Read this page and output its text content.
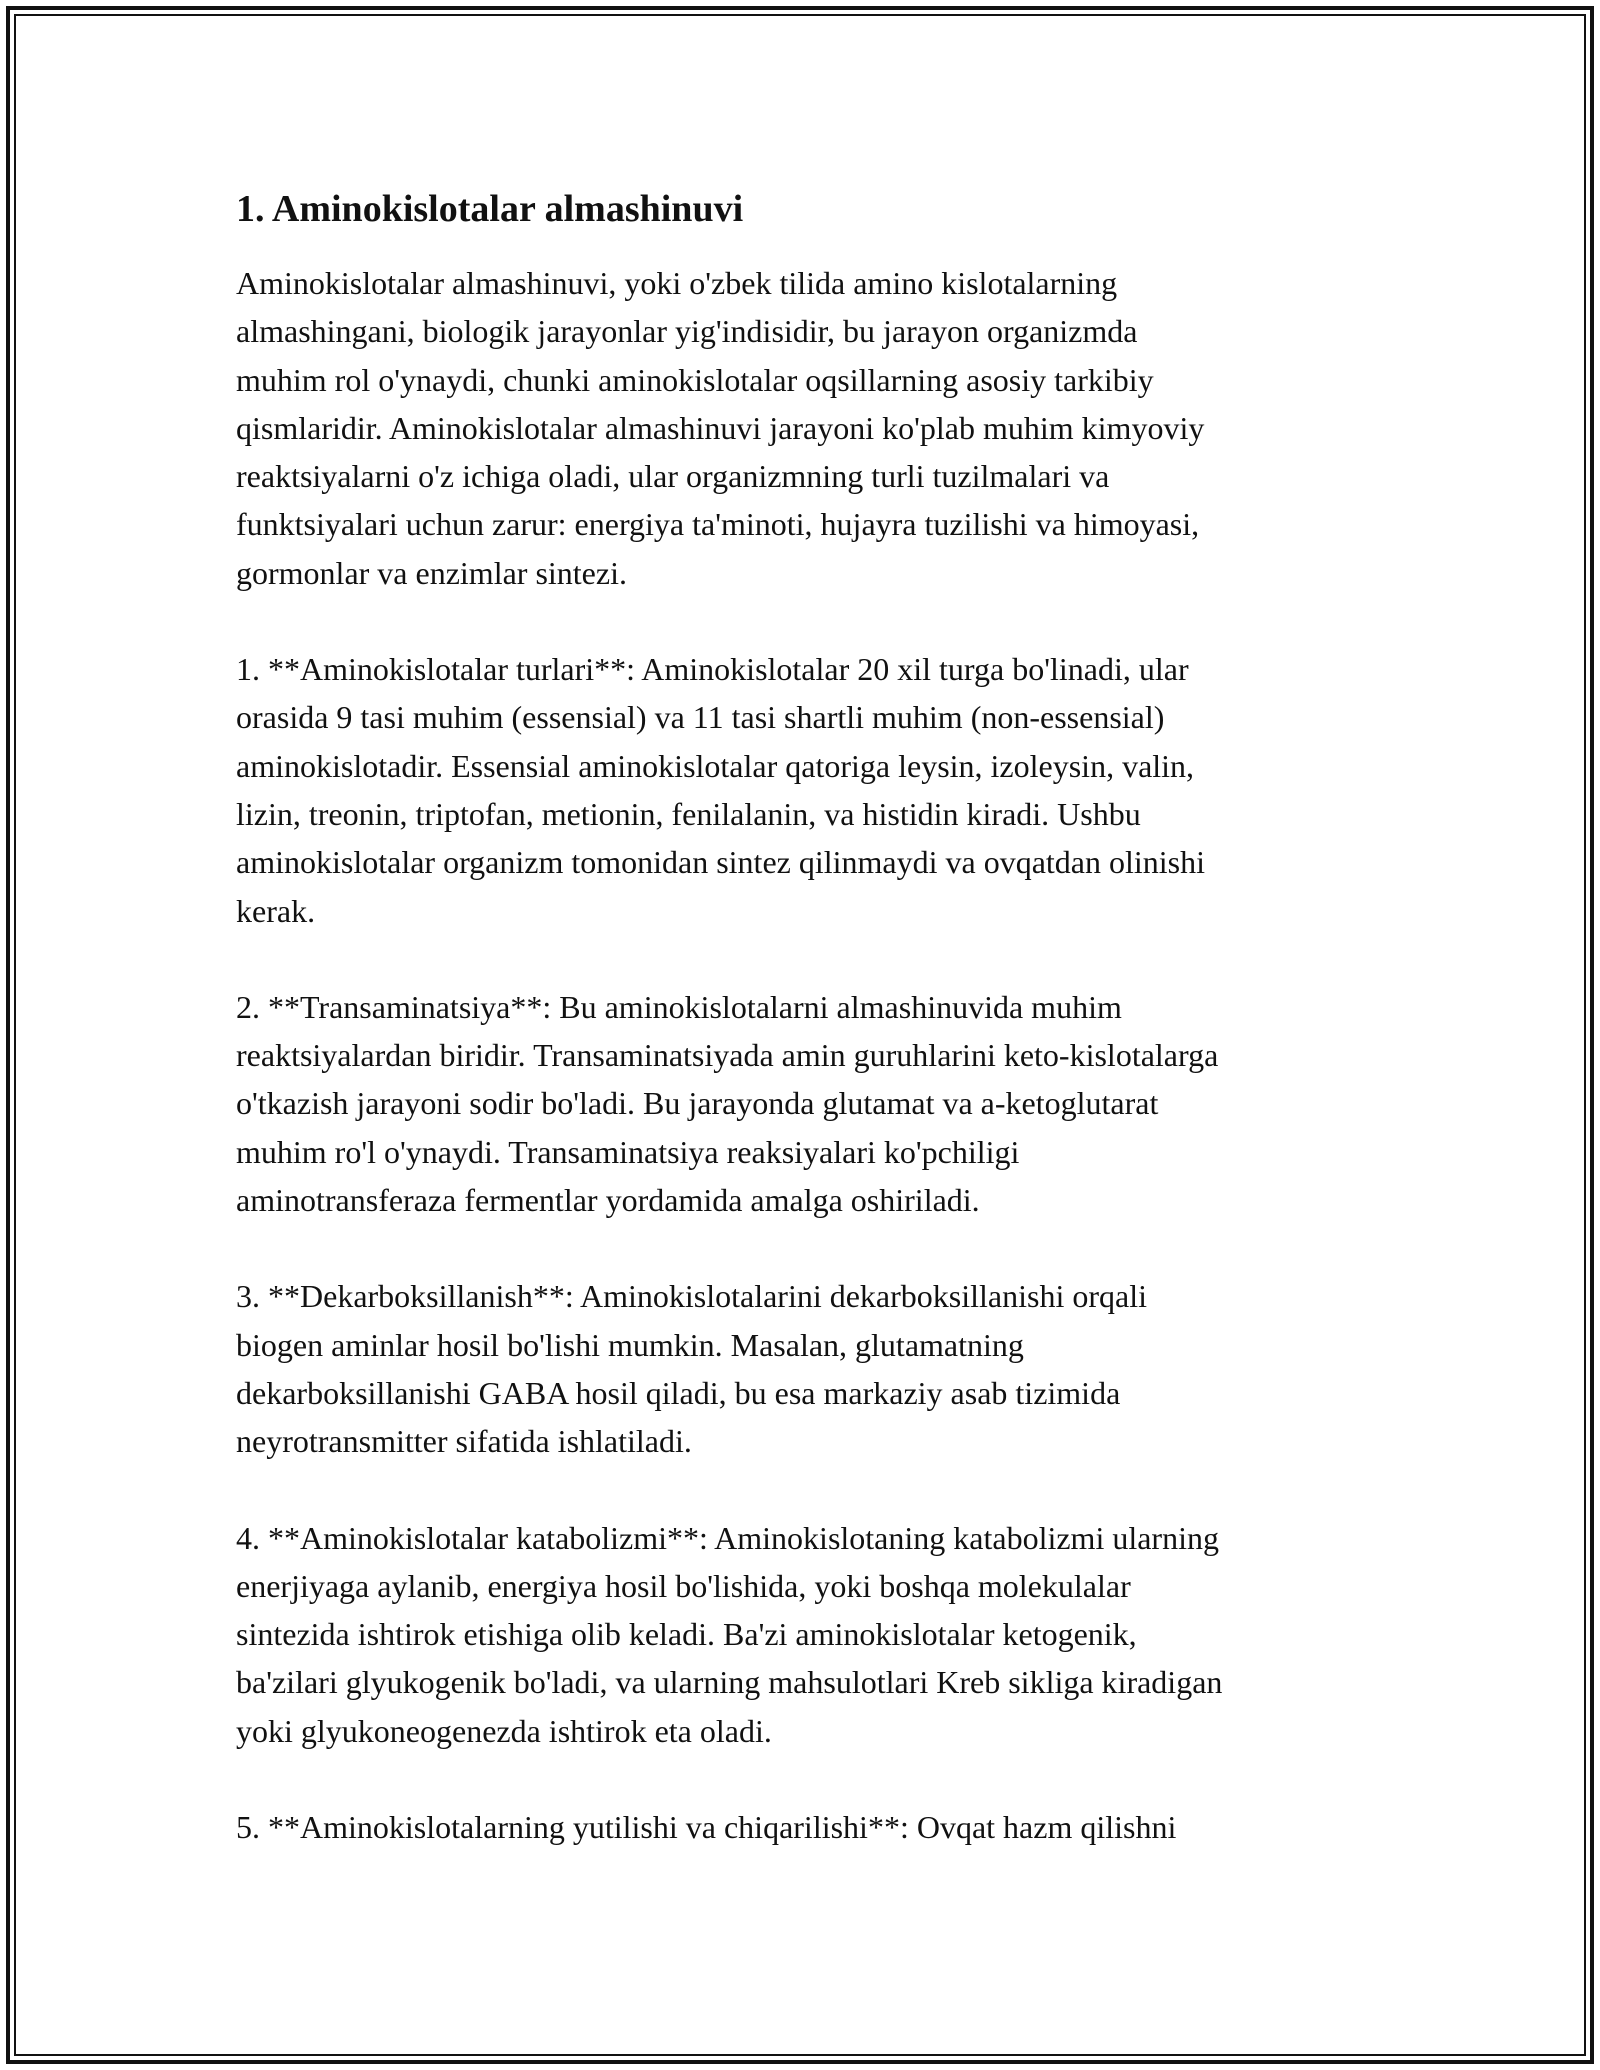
1. Aminokislotalar almashinuvi

Aminokislotalar almashinuvi, yoki o'zbek tilida amino kislotalarning
almashingani, biologik jarayonlar yig'indisidir, bu jarayon organizmda
muhim rol o'ynaydi, chunki aminokislotalar oqsillarning asosiy tarkibiy
qismlaridir. Aminokislotalar almashinuvi jarayoni ko'plab muhim kimyoviy
reaktsiyalarni o'z ichiga oladi, ular organizmning turli tuzilmalari va
funktsiyalari uchun zarur: energiya ta'minoti, hujayra tuzilishi va himoyasi,
gormonlar va enzimlar sintezi.

1. **Aminokislotalar turlari**: Aminokislotalar 20 xil turga bo'linadi, ular
orasida 9 tasi muhim (essensial) va 11 tasi shartli muhim (non-essensial)
aminokislotadir. Essensial aminokislotalar qatoriga leysin, izoleysin, valin,
lizin, treonin, triptofan, metionin, fenilalanin, va histidin kiradi. Ushbu
aminokislotalar organizm tomonidan sintez qilinmaydi va ovqatdan olinishi
kerak.

2. **Transaminatsiya**: Bu aminokislotalarni almashinuvida muhim
reaktsiyalardan biridir. Transaminatsiyada amin guruhlarini keto-kislotalarga
o'tkazish jarayoni sodir bo'ladi. Bu jarayonda glutamat va a-ketoglutarat
muhim ro'l o'ynaydi. Transaminatsiya reaksiyalari ko'pchiligi
aminotransferaza fermentlar yordamida amalga oshiriladi.

3. **Dekarboksillanish**: Aminokislotalarini dekarboksillanishi orqali
biogen aminlar hosil bo'lishi mumkin. Masalan, glutamatning
dekarboksillanishi GABA hosil qiladi, bu esa markaziy asab tizimida
neyrotransmitter sifatida ishlatiladi.

4. **Aminokislotalar katabolizmi**: Aminokislotaning katabolizmi ularning
enerjiyaga aylanib, energiya hosil bo'lishida, yoki boshqa molekulalar
sintezida ishtirok etishiga olib keladi. Ba'zi aminokislotalar ketogenik,
ba'zilari glyukogenik bo'ladi, va ularning mahsulotlari Kreb sikliga kiradigan
yoki glyukoneogenezda ishtirok eta oladi.

5. **Aminokislotalarning yutilishi va chiqarilishi**: Ovqat hazm qilishni
